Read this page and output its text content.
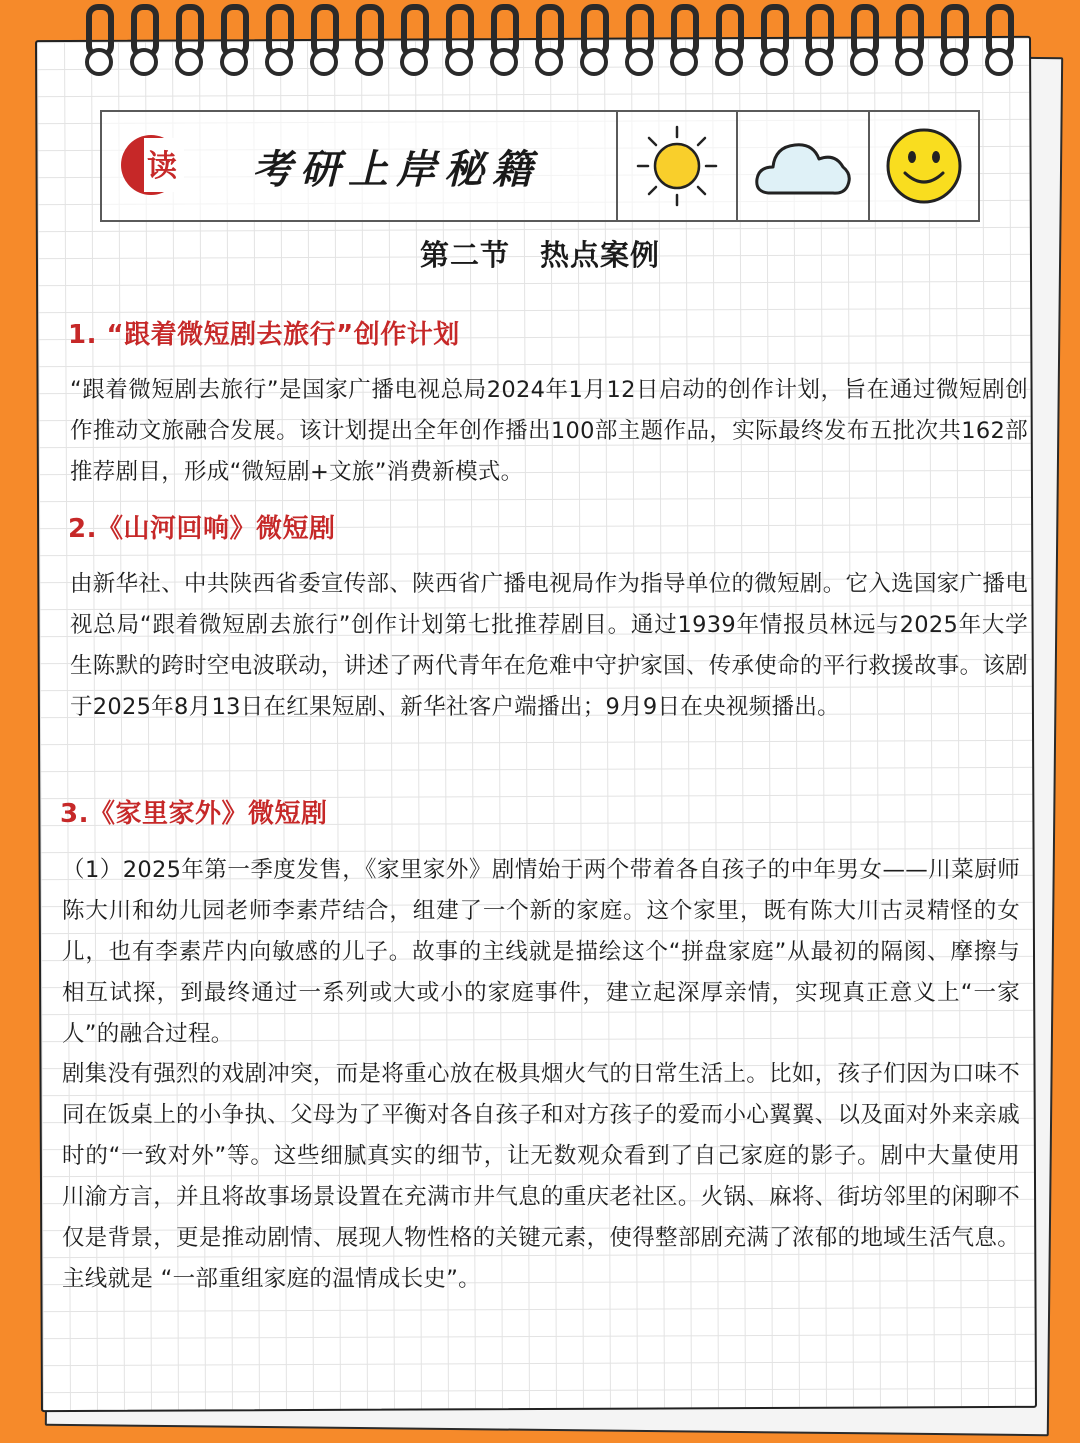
读 考研上岸秘籍
第二节　热点案例
1. “跟着微短剧去旅行”创作计划
“跟着微短剧去旅行”是国家广播电视总局2024年1月12日启动的创作计划，旨在通过微短剧创作推动文旅融合发展。该计划提出全年创作播出100部主题作品，实际最终发布五批次共162部推荐剧目，形成“微短剧+文旅”消费新模式。
2.《山河回响》微短剧
由新华社、中共陕西省委宣传部、陕西省广播电视局作为指导单位的微短剧。它入选国家广播电视总局“跟着微短剧去旅行”创作计划第七批推荐剧目。通过1939年情报员林远与2025年大学生陈默的跨时空电波联动，讲述了两代青年在危难中守护家国、传承使命的平行救援故事。该剧于2025年8月13日在红果短剧、新华社客户端播出；9月9日在央视频播出。
3.《家里家外》微短剧
（1）2025年第一季度发售，《家里家外》剧情始于两个带着各自孩子的中年男女——川菜厨师陈大川和幼儿园老师李素芹结合，组建了一个新的家庭。这个家里，既有陈大川古灵精怪的女儿，也有李素芹内向敏感的儿子。故事的主线就是描绘这个“拼盘家庭”从最初的隔阂、摩擦与相互试探，到最终通过一系列或大或小的家庭事件，建立起深厚亲情，实现真正意义上“一家人”的融合过程。
剧集没有强烈的戏剧冲突，而是将重心放在极具烟火气的日常生活上。比如，孩子们因为口味不同在饭桌上的小争执、父母为了平衡对各自孩子和对方孩子的爱而小心翼翼、以及面对外来亲戚时的“一致对外”等。这些细腻真实的细节，让无数观众看到了自己家庭的影子。剧中大量使用川渝方言，并且将故事场景设置在充满市井气息的重庆老社区。火锅、麻将、街坊邻里的闲聊不仅是背景，更是推动剧情、展现人物性格的关键元素，使得整部剧充满了浓郁的地域生活气息。主线就是 “一部重组家庭的温情成长史”。
